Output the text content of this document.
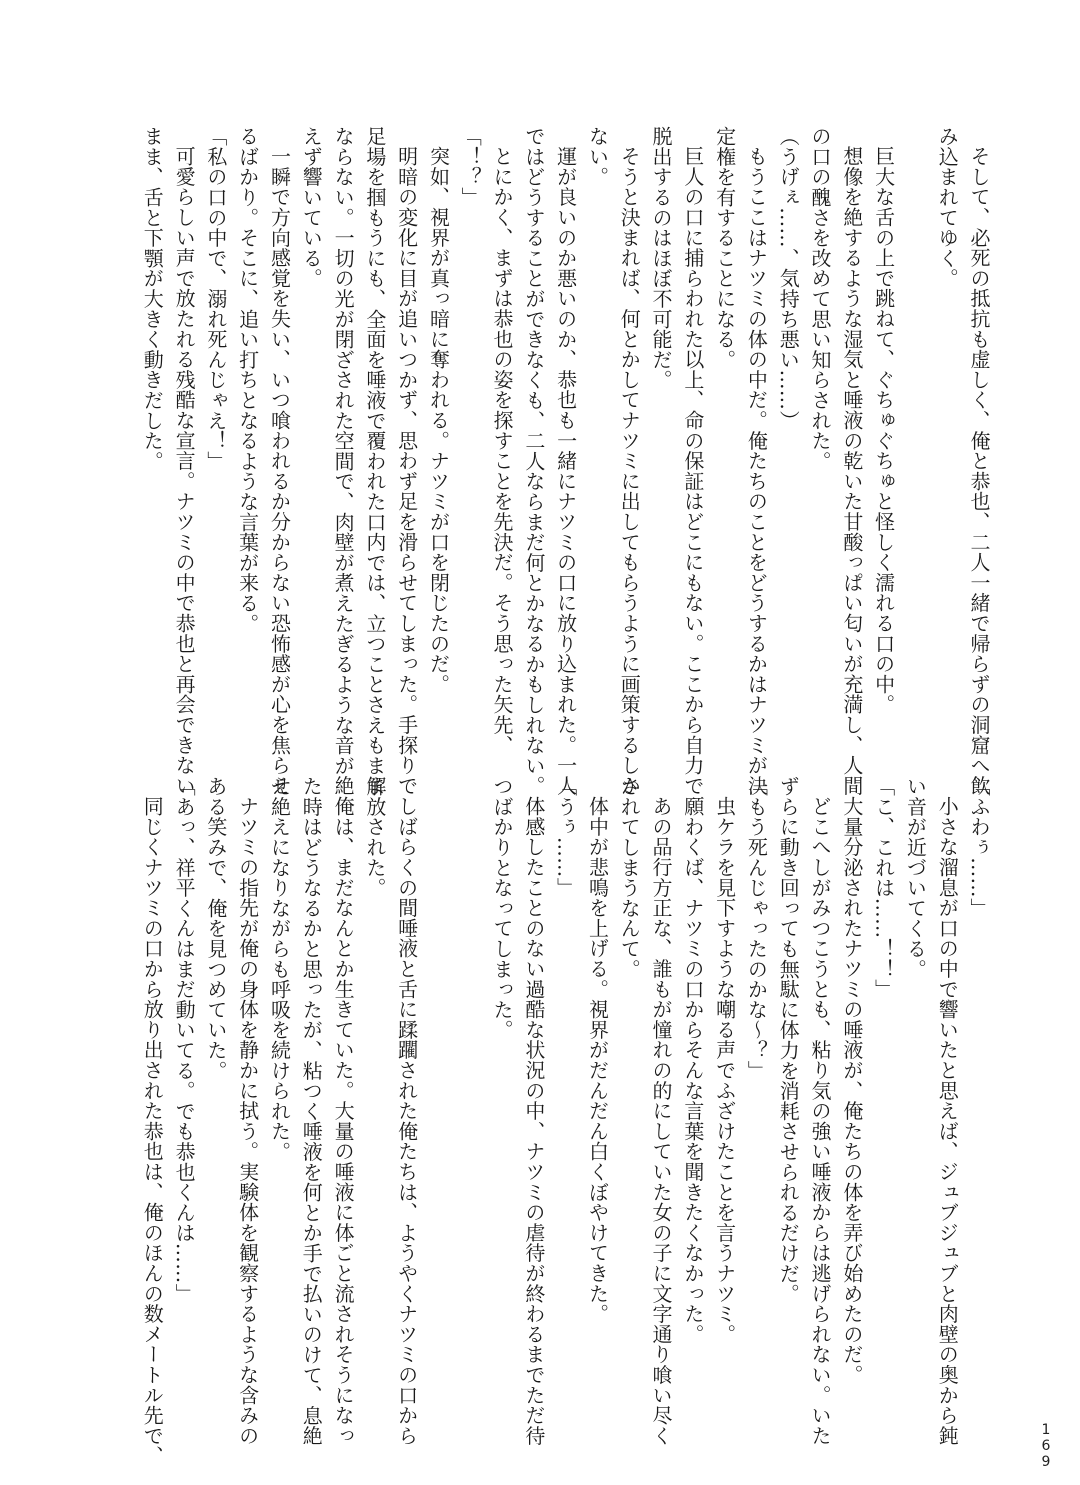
そして、必死の抵抗も虚しく、俺と恭也、二人一緒で帰らずの洞窟へ飲

み込まれてゆく。

巨大な舌の上で跳ねて、ぐちゅぐちゅと怪しく濡れる口の中。

想像を絶するような湿気と唾液の乾いた甘酸っぱい匂いが充満し、人間

の口の醜さを改めて思い知らされた。

（うげぇ……、気持ち悪い……）

もうここはナツミの体の中だ。俺たちのことをどうするかはナツミが決

定権を有することになる。

巨人の口に捕らわれた以上、命の保証はどこにもない。ここから自力で

脱出するのはほぼ不可能だ。

そうと決まれば、何とかしてナツミに出してもらうように画策するしか

ない。

運が良いのか悪いのか、恭也も一緒にナツミの口に放り込まれた。一人

ではどうすることができなくも、二人ならまだ何とかなるかもしれない。

とにかく、まずは恭也の姿を探すことを先決だ。そう思った矢先、

「！？」

突如、視界が真っ暗に奪われる。ナツミが口を閉じたのだ。

明暗の変化に目が追いつかず、思わず足を滑らせてしまった。手探りで

足場を掴もうにも、全面を唾液で覆われた口内では、立つことさえもまま

ならない。一切の光が閉ざされた空間で、肉壁が煮えたぎるような音が絶

えず響いている。

一瞬で方向感覚を失い、いつ喰われるか分からない恐怖感が心を焦らせ

るばかり。そこに、追い打ちとなるような言葉が来る。

「私の口の中で、溺れ死んじゃえ！」

可愛らしい声で放たれる残酷な宣言。ナツミの中で恭也と再会できない

まま、舌と下顎が大きく動きだした。

「ふわぅ……」

小さな溜息が口の中で響いたと思えば、ジュブジュブと肉壁の奥から鈍

い音が近づいてくる。

「こ、これは……！！」

大量分泌されたナツミの唾液が、俺たちの体を弄び始めたのだ。

どこへしがみつこうとも、粘り気の強い唾液からは逃げられない。いた

ずらに動き回っても無駄に体力を消耗させられるだけだ。

「もう死んじゃったのかな〜？」

虫ケラを見下すような嘲る声でふざけたことを言うナツミ。

願わくば、ナツミの口からそんな言葉を聞きたくなかった。

あの品行方正な、誰もが憧れの的にしていた女の子に文字通り喰い尽く

されてしまうなんて。

体中が悲鳴を上げる。視界がだんだん白くぼやけてきた。

「うぅ……」

体感したことのない過酷な状況の中、ナツミの虐待が終わるまでただ待

つばかりとなってしまった。

しばらくの間唾液と舌に蹂躙された俺たちは、ようやくナツミの口から

解放された。

俺は、まだなんとか生きていた。大量の唾液に体ごと流されそうになっ

た時はどうなるかと思ったが、粘つく唾液を何とか手で払いのけて、息絶

え絶えになりながらも呼吸を続けられた。

ナツミの指先が俺の身体を静かに拭う。実験体を観察するような含みの

ある笑みで、俺を見つめていた。

「あっ、祥平くんはまだ動いてる。でも恭也くんは……」

同じくナツミの口から放り出された恭也は、俺のほんの数メートル先で、	169
